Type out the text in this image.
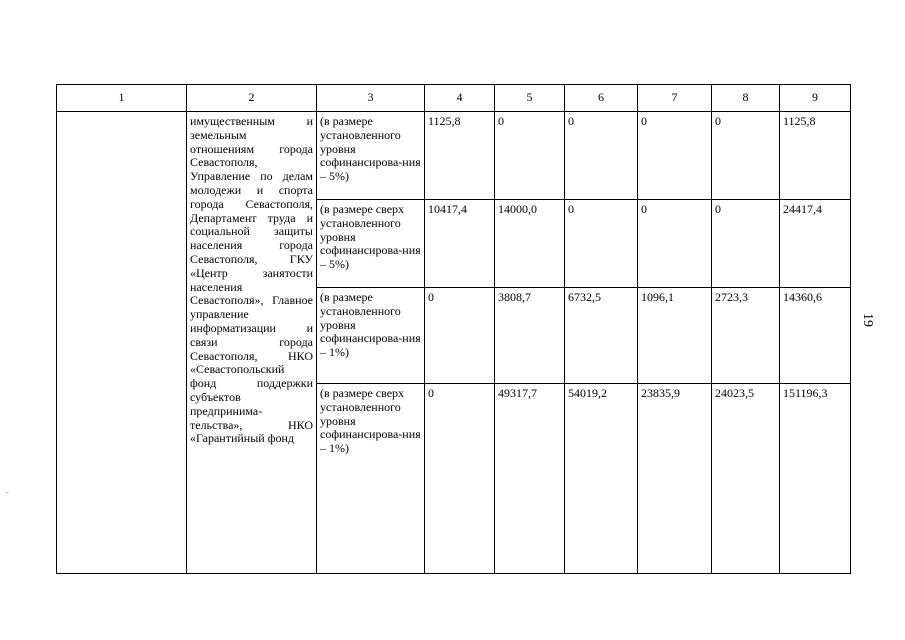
19
-
1	2	3	4	5	6	7	8	9
	имущественным и земельным отношениям города Севастополя, Управление по делам молодежи и спорта города Севастополя, Департамент труда и социальной защиты населения города Севастополя, ГКУ «Центр занятости населения Севастополя», Главное управление информатизации и связи города Севастополя, НКО «Севастопольский фонд поддержки субъектов предпринима-тельства», НКО «Гарантийный фонд	(в размере установленного уровня софинансирова-ния – 5%)	1125,8	0	0	0	0	1125,8
		(в размере сверх установленного уровня софинансирова-ния – 5%)	10417,4	14000,0	0	0	0	24417,4
		(в размере установленного уровня софинансирова-ния – 1%)	0	3808,7	6732,5	1096,1	2723,3	14360,6
		(в размере сверх установленного уровня софинансирова-ния – 1%)	0	49317,7	54019,2	23835,9	24023,5	151196,3
